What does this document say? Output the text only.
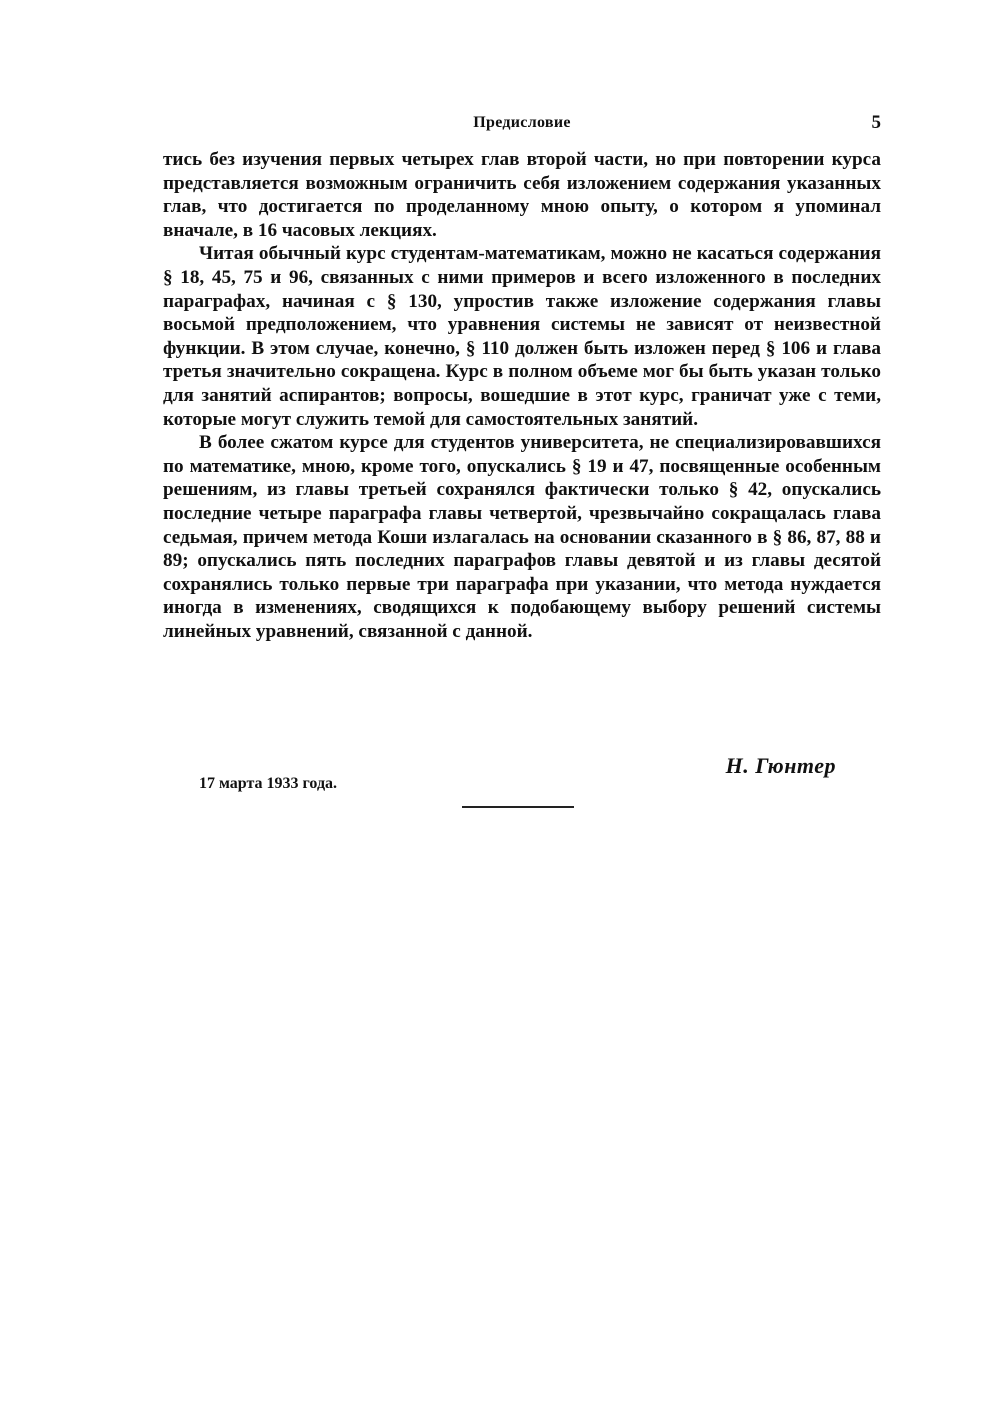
Предисловие	5

тись без изучения первых четырех глав второй части, но при повторении курса представляется возможным ограничить себя изложением содержания указанных глав, что достигается по проделанному мною опыту, о котором я упоминал вначале, в 16 часовых лекциях.

Читая обычный курс студентам-математикам, можно не касаться содержания § 18, 45, 75 и 96, связанных с ними примеров и всего изложенного в последних параграфах, начиная с § 130, упростив также изложение содержания главы восьмой предположением, что уравнения системы не зависят от неизвестной функции. В этом случае, конечно, § 110 должен быть изложен перед § 106 и глава третья значительно сокращена. Курс в полном объеме мог бы быть указан только для занятий аспирантов; вопросы, вошедшие в этот курс, граничат уже с теми, которые могут служить темой для самостоятельных занятий.

В более сжатом курсе для студентов университета, не специализировавшихся по математике, мною, кроме того, опускались § 19 и 47, посвященные особенным решениям, из главы третьей сохранялся фактически только § 42, опускались последние четыре параграфа главы четвертой, чрезвычайно сокращалась глава седьмая, причем метода Коши излагалась на основании сказанного в § 86, 87, 88 и 89; опускались пять последних параграфов главы девятой и из главы десятой сохранялись только первые три параграфа при указании, что метода нуждается иногда в изменениях, сводящихся к подобающему выбору решений системы линейных уравнений, связанной с данной.

Н. Гюнтер
17 марта 1933 года.
